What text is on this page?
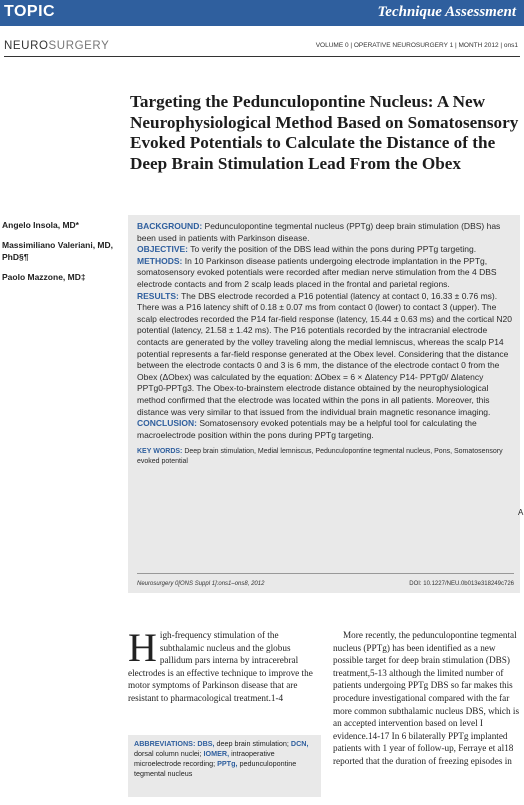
TOPIC	Technique Assessment
NEUROSURGERY	VOLUME 0 | OPERATIVE NEUROSURGERY 1 | MONTH 2012 | ons1
Targeting the Pedunculopontine Nucleus: A New Neurophysiological Method Based on Somatosensory Evoked Potentials to Calculate the Distance of the Deep Brain Stimulation Lead From the Obex
Angelo Insola, MD*
Massimiliano Valeriani, MD, PhD§¶
Paolo Mazzone, MD‡

BACKGROUND: Pedunculopontine tegmental nucleus (PPTg) deep brain stimulation (DBS) has been used in patients with Parkinson disease.

OBJECTIVE: To verify the position of the DBS lead within the pons during PPTg targeting.

METHODS: In 10 Parkinson disease patients undergoing electrode implantation in the PPTg, somatosensory evoked potentials were recorded after median nerve stimulation from the 4 DBS electrode contacts and from 2 scalp leads placed in the frontal and parietal regions.

RESULTS: The DBS electrode recorded a P16 potential (latency at contact 0, 16.33 ± 0.76 ms). There was a P16 latency shift of 0.18 ± 0.07 ms from contact 0 (lower) to contact 3 (upper). The scalp electrodes recorded the P14 far-field response (latency, 15.44 ± 0.63 ms) and the cortical N20 potential (latency, 21.58 ± 1.42 ms). The P16 potentials recorded by the intracranial electrode contacts are generated by the volley traveling along the medial lemniscus, whereas the scalp P14 potential represents a far-field response generated at the Obex level. Considering that the distance between the electrode contacts 0 and 3 is 6 mm, the distance of the electrode contact 0 from the Obex (ΔObex) was calculated by the equation: ΔObex = 6 × Δlatency P14- PPTg0/ Δlatency PPTg0-PPTg3. The Obex-to-brainstem electrode distance obtained by the neurophysiological method confirmed that the electrode was located within the pons in all patients. Moreover, this distance was very similar to that issued from the individual brain magnetic resonance imaging.

CONCLUSION: Somatosensory evoked potentials may be a helpful tool for calculating the macroelectrode position within the pons during PPTg targeting.

KEY WORDS: Deep brain stimulation, Medial lemniscus, Pedunculopontine tegmental nucleus, Pons, Somatosensory evoked potential

Neurosurgery 0[ONS Suppl 1]:ons1–ons8, 2012	DOI: 10.1227/NEU.0b013e318249c726
High-frequency stimulation of the subthalamic nucleus and the globus pallidum pars interna by intracerebral electrodes is an effective technique to improve the motor symptoms of Parkinson disease that are resistant to pharmacological treatment.1-4
More recently, the pedunculopontine tegmental nucleus (PPTg) has been identified as a new possible target for deep brain stimulation (DBS) treatment,5-13 although the limited number of patients undergoing PPTg DBS so far makes this procedure investigational compared with the far more common subthalamic nucleus DBS, which is an accepted intervention based on level I evidence.14-17 In 6 bilaterally PPTg implanted patients with 1 year of follow-up, Ferraye et al18 reported that the duration of freezing episodes in
ABBREVIATIONS: DBS, deep brain stimulation; DCN, dorsal column nuclei; IOMER, intraoperative microelectrode recording; PPTg, pedunculopontine tegmental nucleus
A
